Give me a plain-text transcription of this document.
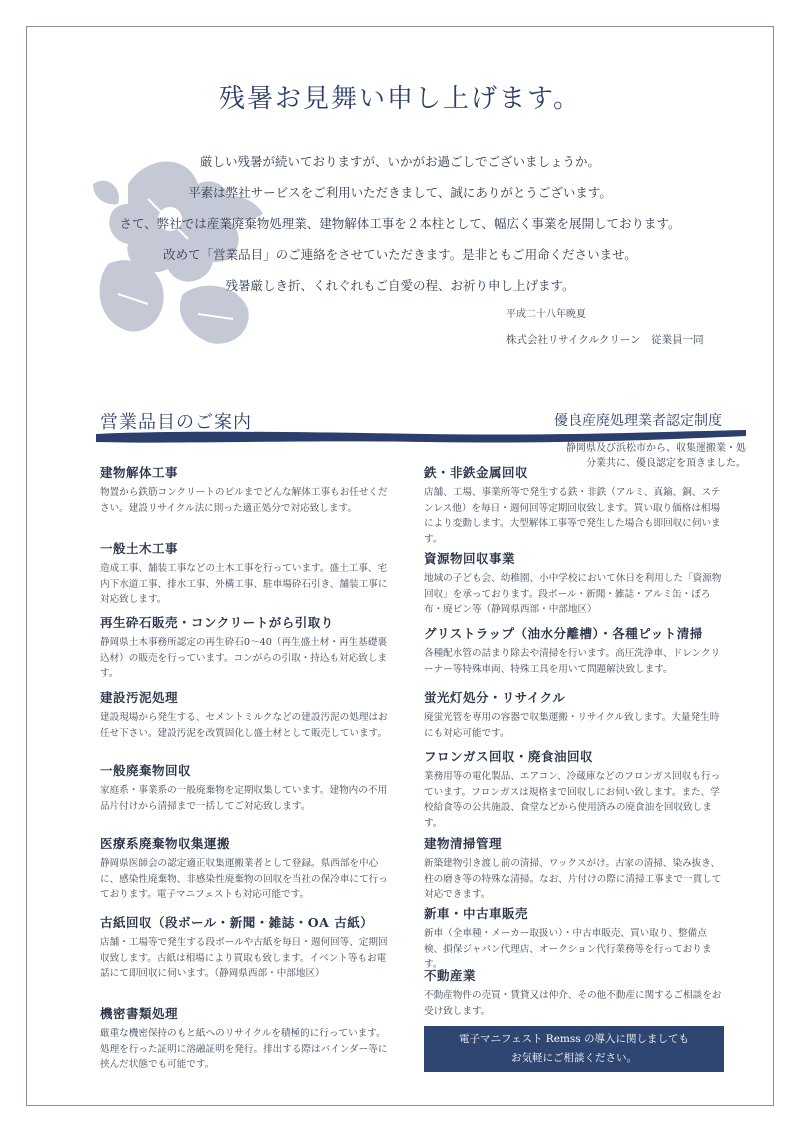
残暑お見舞い申し上げます。
厳しい残暑が続いておりますが、いかがお過ごしでございましょうか。
平素は弊社サービスをご利用いただきまして、誠にありがとうございます。
さて、弊社では産業廃棄物処理業、建物解体工事を２本柱として、幅広く事業を展開しております。
改めて「営業品目」のご連絡をさせていただきます。是非ともご用命くださいませ。
残暑厳しき折、くれぐれもご自愛の程、お祈り申し上げます。
平成二十八年晩夏
株式会社リサイクルクリーン　従業員一同
営業品目のご案内	優良産廃処理業者認定制度
静岡県及び浜松市から、収集運搬業・処分業共に、優良認定を頂きました。
建物解体工事
物置から鉄筋コンクリートのビルまでどんな解体工事もお任せください。建設リサイクル法に則った適正処分で対応致します。
一般土木工事
造成工事、舗装工事などの土木工事を行っています。盛土工事、宅内下水道工事、排水工事、外構工事、駐車場砕石引き、舗装工事に対応致します。
再生砕石販売・コンクリートがら引取り
静岡県土木事務所認定の再生砕石0～40（再生盛土材・再生基礎裏込材）の販売を行っています。コンがらの引取・持込も対応致します。
建設汚泥処理
建設現場から発生する、セメントミルクなどの建設汚泥の処理はお任せ下さい。建設汚泥を改質固化し盛土材として販売しています。
一般廃棄物回収
家庭系・事業系の一般廃棄物を定期収集しています。建物内の不用品片付けから清掃まで一括してご対応致します。
医療系廃棄物収集運搬
静岡県医師会の認定適正収集運搬業者として登録。県西部を中心に、感染性廃棄物、非感染性廃棄物の回収を当社の保冷車にて行っております。電子マニフェストも対応可能です。
古紙回収（段ボール・新聞・雑誌・OA 古紙）
店舗・工場等で発生する段ボールや古紙を毎日・週何回等、定期回収致します。古紙は相場により買取も致します。イベント等もお電話にて即回収に伺います。（静岡県西部・中部地区）
機密書類処理
厳重な機密保持のもと紙へのリサイクルを積極的に行っています。処理を行った証明に溶融証明を発行。排出する際はバインダー等に挟んだ状態でも可能です。
鉄・非鉄金属回収
店舗、工場、事業所等で発生する鉄・非鉄（アルミ、真鍮、銅、ステンレス他）を毎日・週何回等定期回収致します。買い取り価格は相場により変動します。大型解体工事等で発生した場合も即回収に伺います。
資源物回収事業
地域の子ども会、幼稚園、小中学校において休日を利用した「資源物回収」を承っております。段ボール・新聞・雑誌・アルミ缶・ぼろ布・廃ビン等（静岡県西部・中部地区）
グリストラップ（油水分離槽）・各種ピット清掃
各種配水管の詰まり除去や清掃を行います。高圧洗浄車、ドレンクリーナー等特殊車両、特殊工具を用いて問題解決致します。
蛍光灯処分・リサイクル
廃蛍光管を専用の容器で収集運搬・リサイクル致します。大量発生時にも対応可能です。
フロンガス回収・廃食油回収
業務用等の電化製品、エアコン、冷蔵庫などのフロンガス回収も行っています。フロンガスは規格まで回収しにお伺い致します。また、学校給食等の公共施設、食堂などから使用済みの廃食油を回収致します。
建物清掃管理
新築建物引き渡し前の清掃、ワックスがけ。古家の清掃、染み抜き、柱の磨き等の特殊な清掃。なお、片付けの際に清掃工事まで一貫して対応できます。
新車・中古車販売
新車（全車種・メーカー取扱い）・中古車販売、買い取り、整備点検、損保ジャパン代理店、オークション代行業務等を行っております。
不動産業
不動産物件の売買・賃貸又は仲介、その他不動産に関するご相談をお受け致します。
電子マニフェスト Remss の導入に関しましても
お気軽にご相談ください。
